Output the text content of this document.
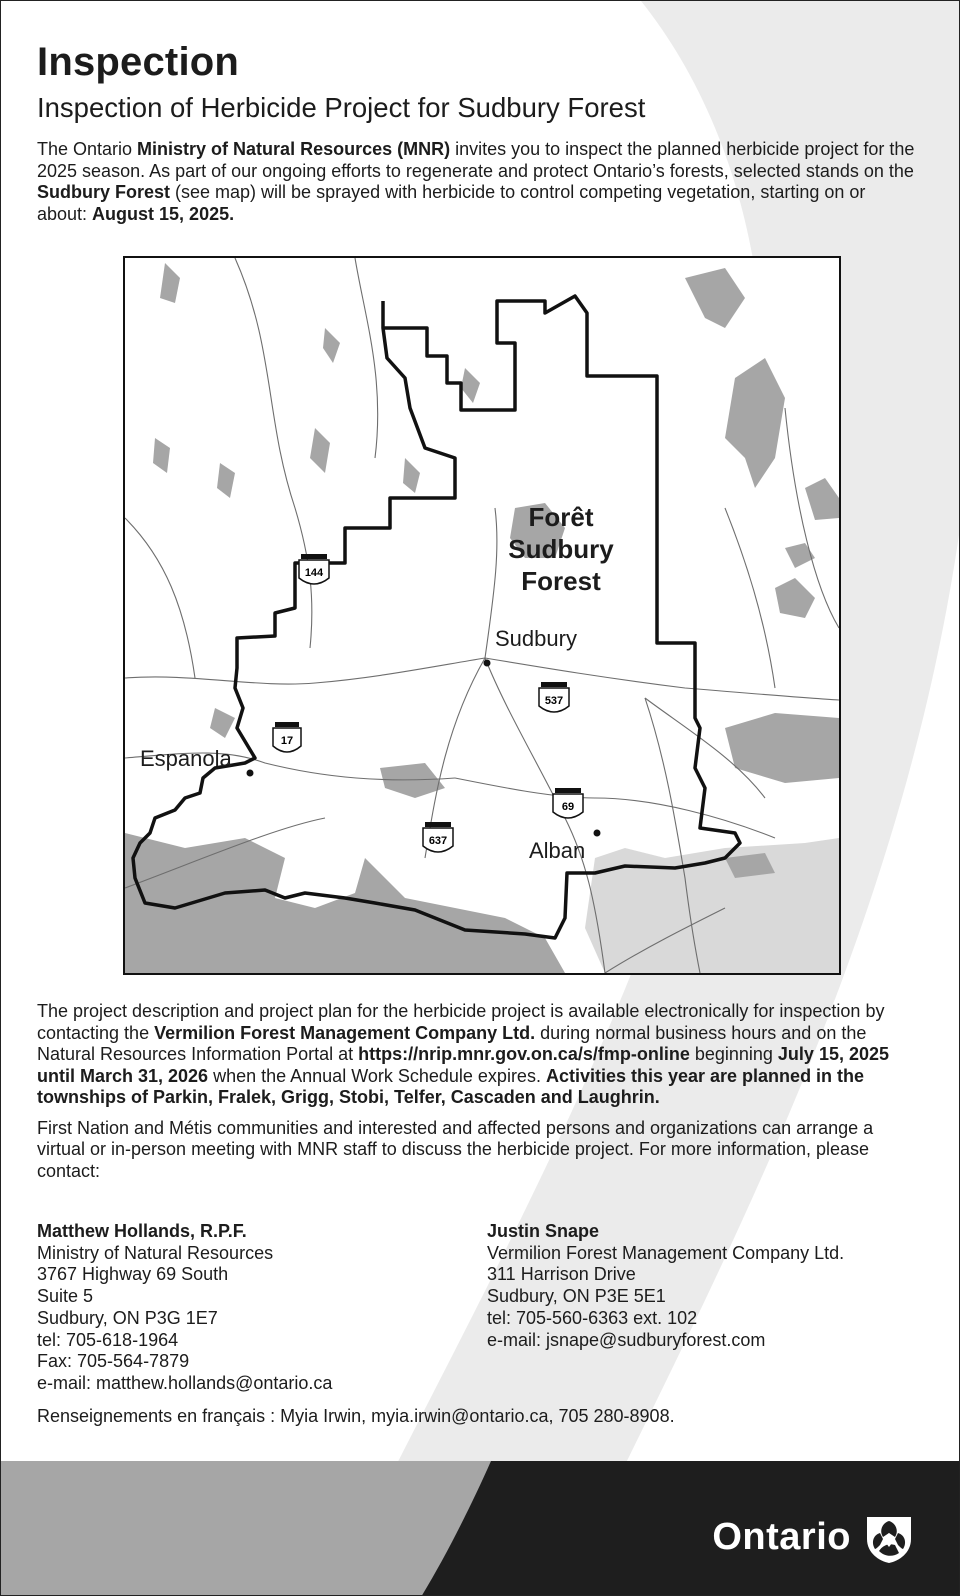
Inspection
Inspection of Herbicide Project for Sudbury Forest

The Ontario Ministry of Natural Resources (MNR) invites you to inspect the planned herbicide project for the 2025 season. As part of our ongoing efforts to regenerate and protect Ontario’s forests, selected stands on the Sudbury Forest (see map) will be sprayed with herbicide to control competing vegetation, starting on or about: August 15, 2025.

Forêt
Sudbury
Forest
Sudbury
Espanola
Alban
144
17
537
69
637

The project description and project plan for the herbicide project is available electronically for inspection by contacting the Vermilion Forest Management Company Ltd. during normal business hours and on the Natural Resources Information Portal at https://nrip.mnr.gov.on.ca/s/fmp-online beginning July 15, 2025 until March 31, 2026 when the Annual Work Schedule expires. Activities this year are planned in the townships of Parkin, Fralek, Grigg, Stobi, Telfer, Cascaden and Laughrin.

First Nation and Métis communities and interested and affected persons and organizations can arrange a virtual or in-person meeting with MNR staff to discuss the herbicide project. For more information, please contact:

Matthew Hollands, R.P.F.
Ministry of Natural Resources
3767 Highway 69 South
Suite 5
Sudbury, ON P3G 1E7
tel: 705-618-1964
Fax: 705-564-7879
e-mail: matthew.hollands@ontario.ca
Justin Snape
Vermilion Forest Management Company Ltd.
311 Harrison Drive
Sudbury, ON P3E 5E1
tel: 705-560-6363 ext. 102
e-mail: jsnape@sudburyforest.com
Renseignements en français : Myia Irwin, myia.irwin@ontario.ca, 705 280-8908.
Ontario
